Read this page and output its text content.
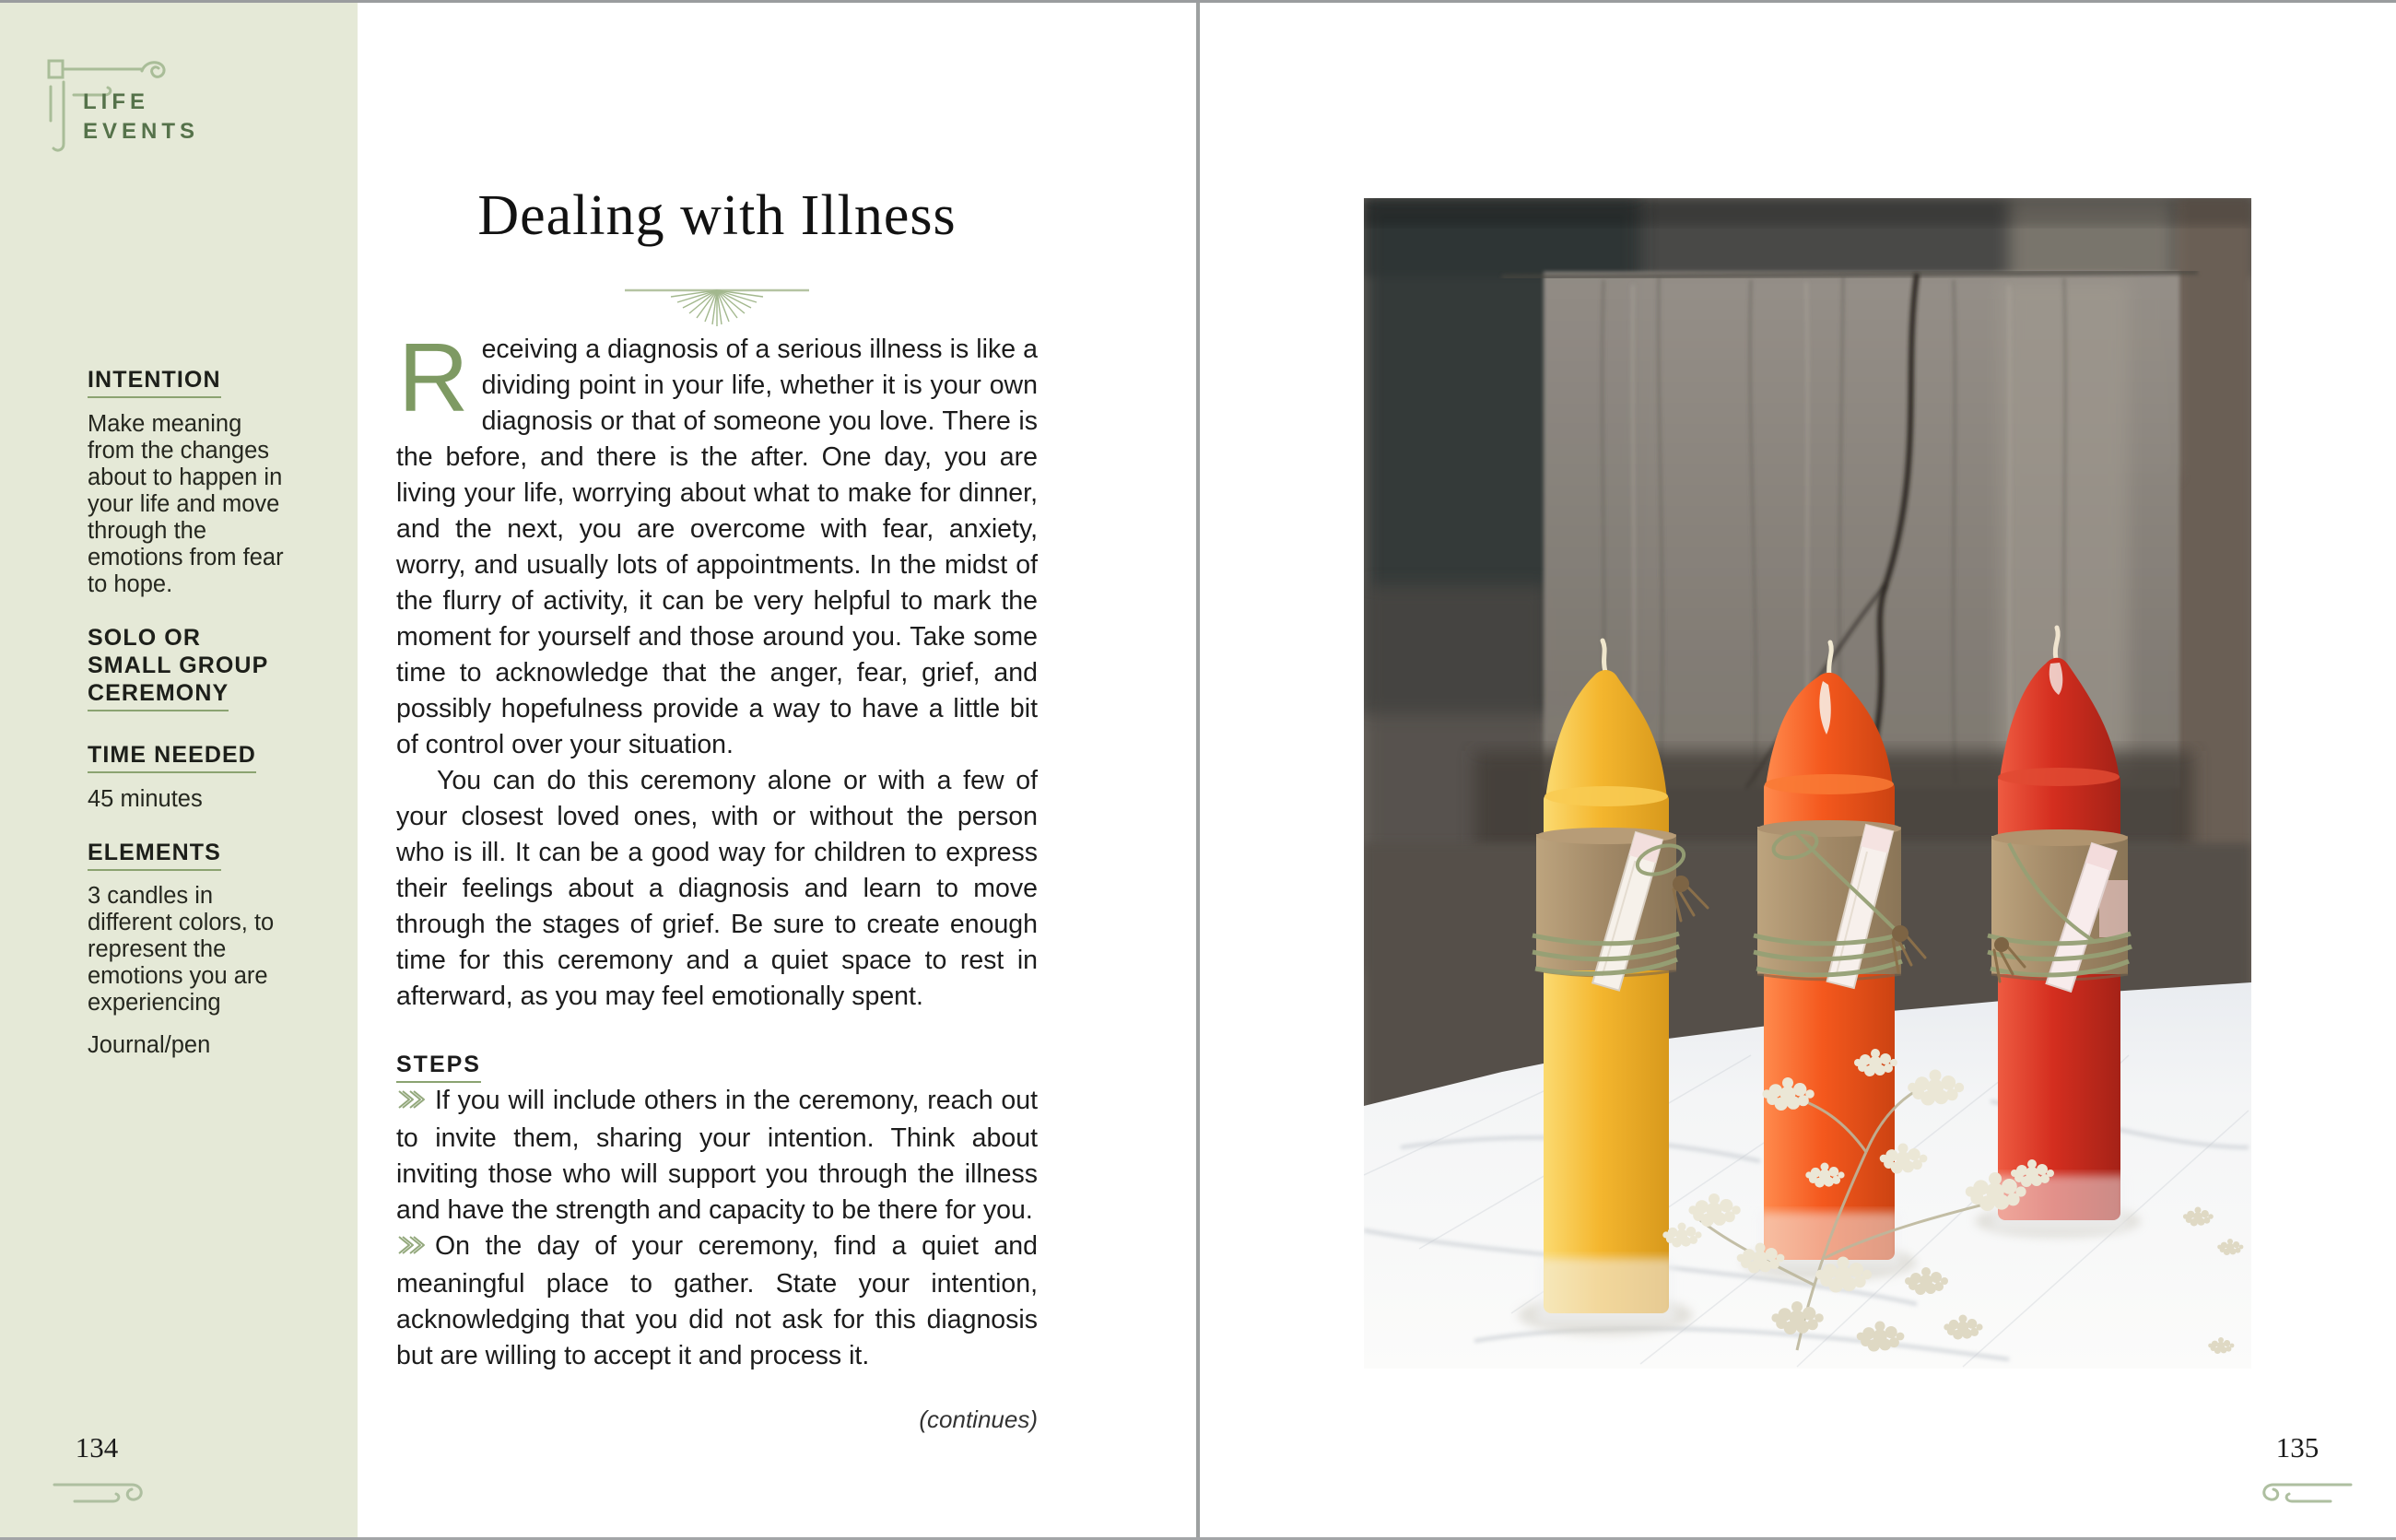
LIFE EVENTS
INTENTION
Make meaning from the changes about to happen in your life and move through the emotions from fear to hope.
SOLO OR
SMALL GROUP
CEREMONY
TIME NEEDED
45 minutes
ELEMENTS
3 candles in different colors, to represent the emotions you are experiencing
Journal/pen
Dealing with Illness

Receiving a diagnosis of a serious illness is like a dividing point in your life, whether it is your own diagnosis or that of someone you love. There is the before, and there is the after. One day, you are living your life, worrying about what to make for dinner, and the next, you are overcome with fear, anxiety, worry, and usually lots of appointments. In the midst of the flurry of activity, it can be very helpful to mark the moment for yourself and those around you. Take some time to acknowledge that the anger, fear, grief, and possibly hopefulness provide a way to have a little bit of control over your situation.

You can do this ceremony alone or with a few of your closest loved ones, with or without the person who is ill. It can be a good way for children to express their feelings about a diagnosis and learn to move through the stages of grief. Be sure to create enough time for this ceremony and a quiet space to rest in afterward, as you may feel emotionally spent.

STEPS

If you will include others in the ceremony, reach out to invite them, sharing your intention. Think about inviting those who will support you through the illness and have the strength and capacity to be there for you.

On the day of your ceremony, find a quiet and meaningful place to gather. State your intention, acknowledging that you did not ask for this diagnosis but are willing to accept it and process it.

(continues)
134	135
